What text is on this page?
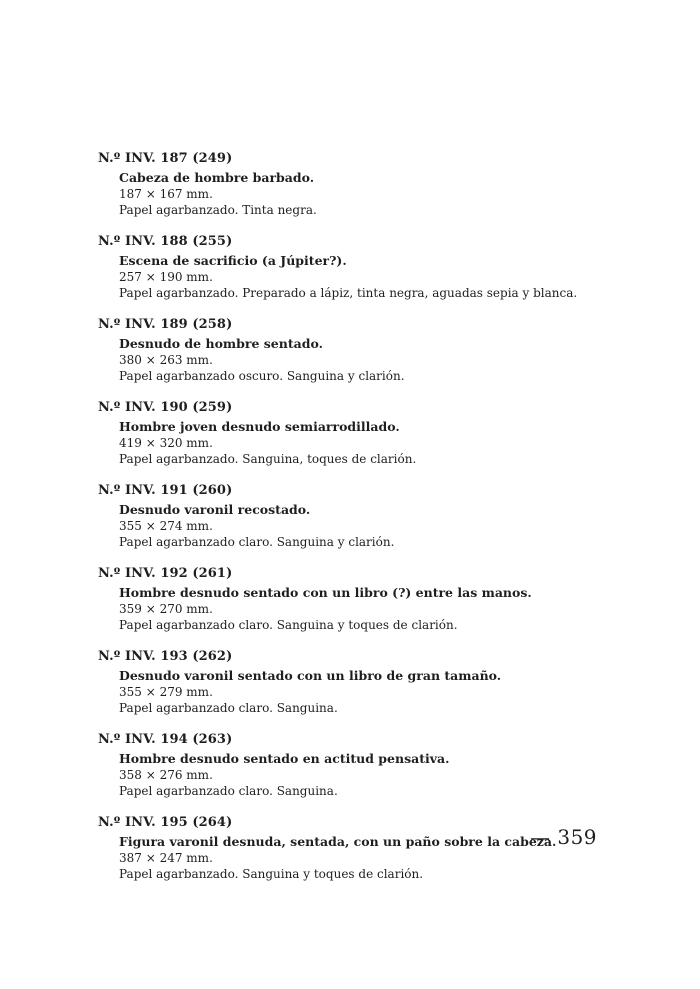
N.º INV. 187 (249)
Cabeza de hombre barbado.
187 × 167 mm.
Papel agarbanzado. Tinta negra.
N.º INV. 188 (255)
Escena de sacrificio (a Júpiter?).
257 × 190 mm.
Papel agarbanzado. Preparado a lápiz, tinta negra, aguadas sepia y blanca.
N.º INV. 189 (258)
Desnudo de hombre sentado.
380 × 263 mm.
Papel agarbanzado oscuro. Sanguina y clarión.
N.º INV. 190 (259)
Hombre joven desnudo semiarrodillado.
419 × 320 mm.
Papel agarbanzado. Sanguina, toques de clarión.
N.º INV. 191 (260)
Desnudo varonil recostado.
355 × 274 mm.
Papel agarbanzado claro. Sanguina y clarión.
N.º INV. 192 (261)
Hombre desnudo sentado con un libro (?) entre las manos.
359 × 270 mm.
Papel agarbanzado claro. Sanguina y toques de clarión.
N.º INV. 193 (262)
Desnudo varonil sentado con un libro de gran tamaño.
355 × 279 mm.
Papel agarbanzado claro. Sanguina.
N.º INV. 194 (263)
Hombre desnudo sentado en actitud pensativa.
358 × 276 mm.
Papel agarbanzado claro. Sanguina.
N.º INV. 195 (264)
Figura varonil desnuda, sentada, con un paño sobre la cabeza.
387 × 247 mm.
Papel agarbanzado. Sanguina y toques de clarión.
— 359
